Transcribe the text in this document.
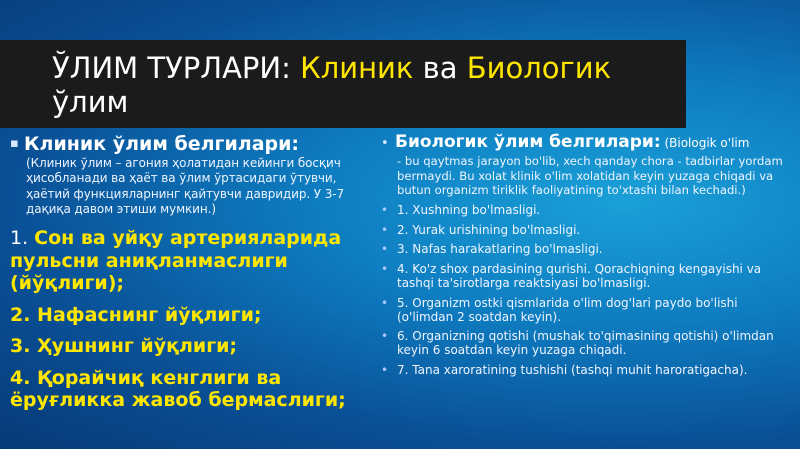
ЎЛИМ ТУРЛАРИ: Клиник ва Биологик
ўлим
▪ Клиник ўлим белгилари:
(Клиник ўлим – агония ҳолатидан кейинги босқич ҳисобланади ва ҳаёт ва ўлим ўртасидаги ўтувчи, ҳаётий функцияларнинг қайтувчи давридир. У 3-7 дақиқа давом этиши мумкин.)
1. Сон ва уйқу артерияларида пульсни аниқланмаслиги (йўқлиги);
2. Нафаснинг йўқлиги;
3. Ҳушнинг йўқлиги;
4. Қорайчиқ кенглиги ва ёруғликка жавоб бермаслиги;
• Биологик ўлим белгилари: (Biologik o'lim
- bu qaytmas jarayon bo'lib, xech qanday chora - tadbirlar yordam bermaydi. Bu xolat klinik o'lim xolatidan keyin yuzaga chiqadi va butun organizm tiriklik faoliyatining to'xtashi bilan kechadi.)
• 1. Xushning bo'lmasligi.
• 2. Yurak urishining bo'lmasligi.
• 3. Nafas harakatlaring bo'lmasligi.
• 4. Ko'z shox pardasining qurishi. Qorachiqning kengayishi va tashqi ta'sirotlarga reaktsiyasi bo'lmasligi.
• 5. Organizm ostki qismlarida o'lim dog'lari paydo bo'lishi (o'limdan 2 soatdan keyin).
• 6. Organizning qotishi (mushak to'qimasining qotishi) o'limdan keyin 6 soatdan keyin yuzaga chiqadi.
• 7. Tana xaroratining tushishi (tashqi muhit haroratigacha).
